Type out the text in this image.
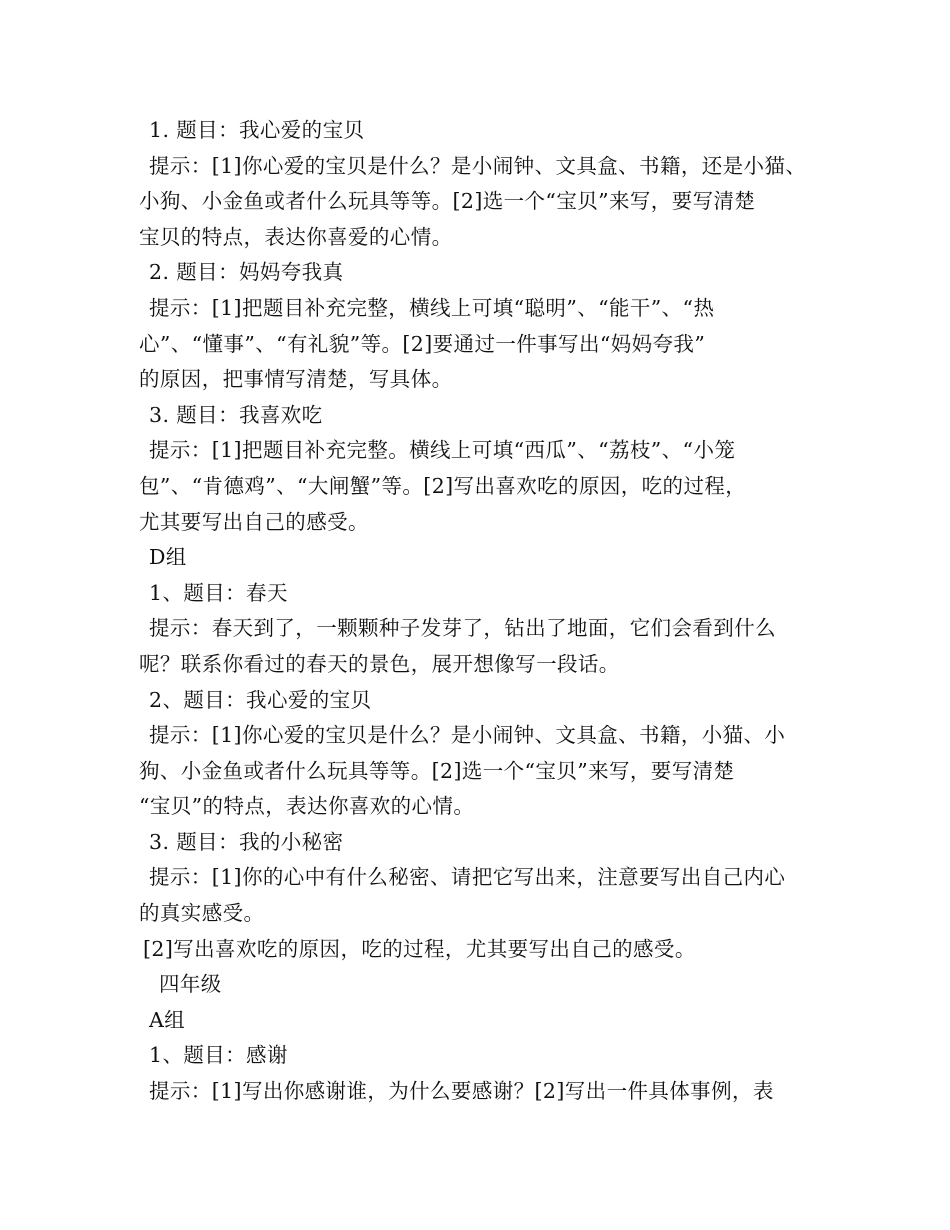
1. 题目：我心爱的宝贝
提示：[1]你心爱的宝贝是什么？是小闹钟、文具盒、书籍，还是小猫、
小狗、小金鱼或者什么玩具等等。[2]选一个“宝贝”来写，要写清楚
宝贝的特点，表达你喜爱的心情。
2. 题目：妈妈夸我真
提示：[1]把题目补充完整，横线上可填“聪明”、“能干”、“热
心”、“懂事”、“有礼貌”等。[2]要通过一件事写出“妈妈夸我”
的原因，把事情写清楚，写具体。
3. 题目：我喜欢吃
提示：[1]把题目补充完整。横线上可填“西瓜”、“荔枝”、“小笼
包”、“肯德鸡”、“大闸蟹”等。[2]写出喜欢吃的原因，吃的过程，
尤其要写出自己的感受。
D组
1、题目：春天
提示：春天到了，一颗颗种子发芽了，钻出了地面，它们会看到什么
呢？联系你看过的春天的景色，展开想像写一段话。
2、题目：我心爱的宝贝
提示：[1]你心爱的宝贝是什么？是小闹钟、文具盒、书籍，小猫、小
狗、小金鱼或者什么玩具等等。[2]选一个“宝贝”来写，要写清楚
“宝贝”的特点，表达你喜欢的心情。
3. 题目：我的小秘密
提示：[1]你的心中有什么秘密、请把它写出来，注意要写出自己内心
的真实感受。
[2]写出喜欢吃的原因，吃的过程，尤其要写出自己的感受。
四年级
A组
1、题目：感谢
提示：[1]写出你感谢谁，为什么要感谢？[2]写出一件具体事例，表
